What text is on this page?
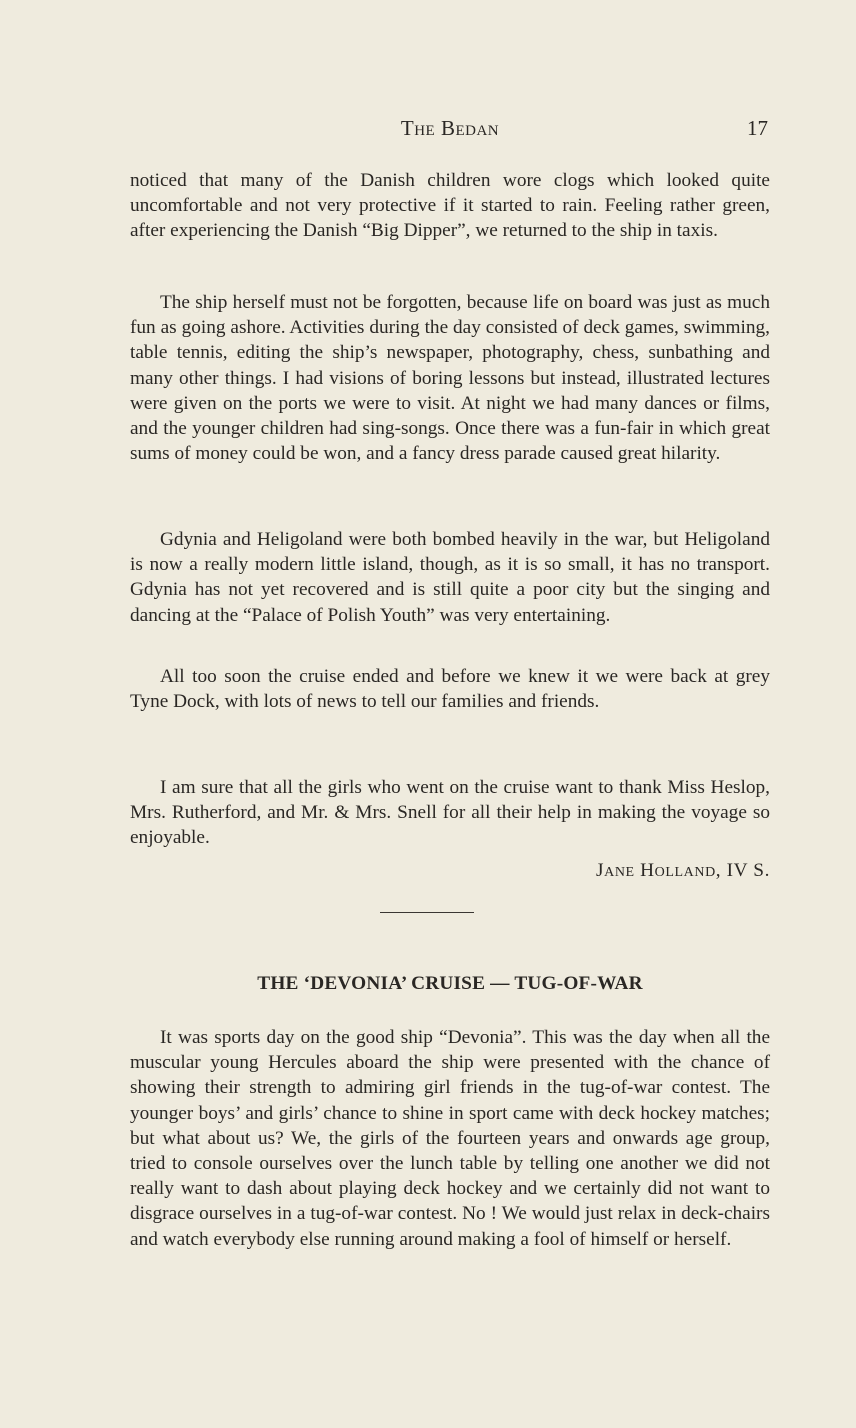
The Bedan	17

noticed that many of the Danish children wore clogs which looked quite uncomfortable and not very protective if it started to rain. Feeling rather green, after experiencing the Danish “Big Dipper”, we returned to the ship in taxis.

The ship herself must not be forgotten, because life on board was just as much fun as going ashore. Activities during the day consisted of deck games, swimming, table tennis, editing the ship’s newspaper, photography, chess, sunbathing and many other things. I had visions of boring lessons but instead, illustrated lectures were given on the ports we were to visit. At night we had many dances or films, and the younger children had sing-songs. Once there was a fun-fair in which great sums of money could be won, and a fancy dress parade caused great hilarity.

Gdynia and Heligoland were both bombed heavily in the war, but Heligoland is now a really modern little island, though, as it is so small, it has no transport. Gdynia has not yet recovered and is still quite a poor city but the singing and dancing at the “Palace of Polish Youth” was very entertaining.

All too soon the cruise ended and before we knew it we were back at grey Tyne Dock, with lots of news to tell our families and friends.

I am sure that all the girls who went on the cruise want to thank Miss Heslop, Mrs. Rutherford, and Mr. & Mrs. Snell for all their help in making the voyage so enjoyable.

Jane Holland, IV S.
THE ‘DEVONIA’ CRUISE — TUG-OF-WAR

It was sports day on the good ship “Devonia”. This was the day when all the muscular young Hercules aboard the ship were presented with the chance of showing their strength to admiring girl friends in the tug-of-war contest. The younger boys’ and girls’ chance to shine in sport came with deck hockey matches; but what about us? We, the girls of the fourteen years and onwards age group, tried to console ourselves over the lunch table by telling one another we did not really want to dash about playing deck hockey and we certainly did not want to disgrace ourselves in a tug-of-war contest. No ! We would just relax in deck-chairs and watch everybody else running around making a fool of himself or herself.
